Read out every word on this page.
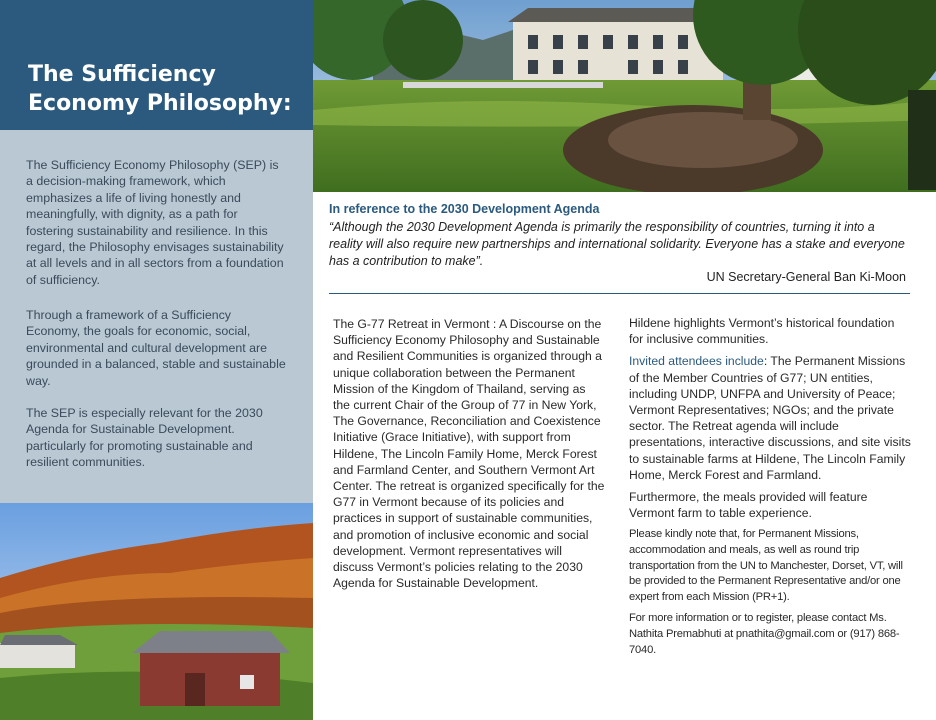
The Sufficiency Economy Philosophy:
The Sufficiency Economy Philosophy (SEP) is a decision-making framework, which emphasizes a life of living honestly and meaningfully, with dignity, as a path for fostering sustainability and resilience. In this regard, the Philosophy envisages sustainability at all levels and in all sectors from a foundation of sufficiency.
Through a framework of a Sufficiency Economy, the goals for economic, social, environmental and cultural development are grounded in a balanced, stable and sustainable way.
The SEP is especially relevant for the 2030 Agenda for Sustainable Development. particularly for promoting sustainable and resilient communities.
In reference to the 2030 Development Agenda
“Although the 2030 Development Agenda is primarily the responsibility of countries, turning it into a reality will also require new partnerships and international solidarity. Everyone has a stake and everyone has a contribution to make”.
UN Secretary-General Ban Ki-Moon
The G-77 Retreat in Vermont : A Discourse on the Sufficiency Economy Philosophy and Sustainable and Resilient Communities is organized through a unique collaboration between the Permanent Mission of the Kingdom of Thailand, serving as the current Chair of the Group of 77 in New York, The Governance, Reconciliation and Coexistence Initiative (Grace Initiative), with support from Hildene, The Lincoln Family Home, Merck Forest and Farmland Center, and Southern Vermont Art Center. The retreat is organized specifically for the G77 in Vermont because of its policies and practices in support of sustainable communities, and promotion of inclusive economic and social development. Vermont representatives will discuss Vermont’s policies relating to the 2030 Agenda for Sustainable Development.

Hildene highlights Vermont’s historical foundation for inclusive communities.

Invited attendees include: The Permanent Missions of the Member Countries of G77; UN entities, including UNDP, UNFPA and University of Peace; Vermont Representatives; NGOs; and the private sector. The Retreat agenda will include presentations, interactive discussions, and site visits to sustainable farms at Hildene, The Lincoln Family Home, Merck Forest and Farmland.

Furthermore, the meals provided will feature Vermont farm to table experience.

Please kindly note that, for Permanent Missions, accommodation and meals, as well as round trip transportation from the UN to Manchester, Dorset, VT, will be provided to the Permanent Representative and/or one expert from each Mission (PR+1).

For more information or to register, please contact Ms. Nathita Premabhuti at pnathita@gmail.com or (917) 868-7040.
